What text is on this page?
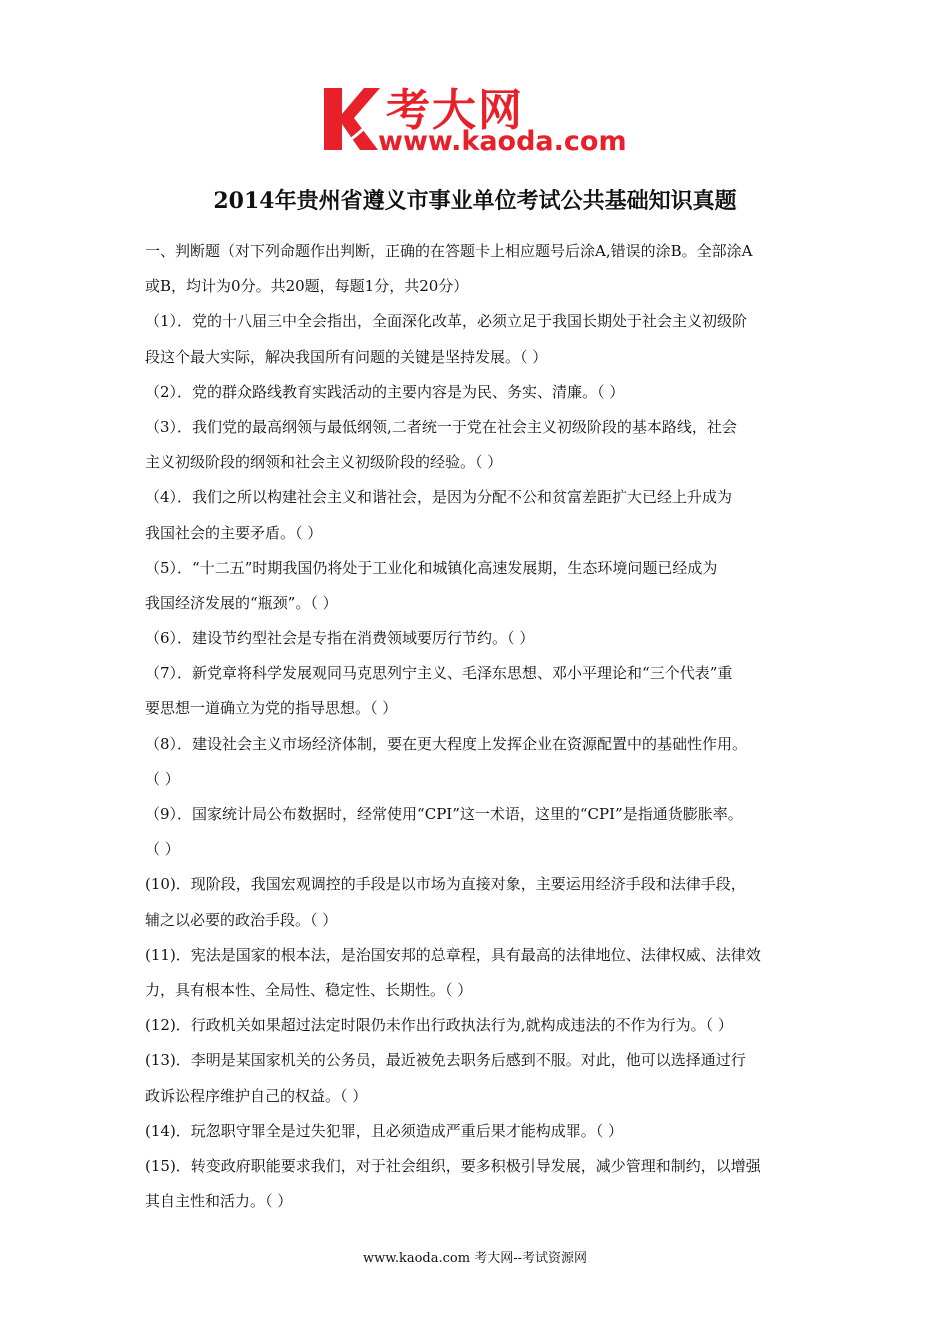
考大网
www.kaoda.com
2014年贵州省遵义市事业单位考试公共基础知识真题
一、判断题（对下列命题作出判断，正确的在答题卡上相应题号后涂A,错误的涂B。全部涂A
或B，均计为0分。共20题，每题1分，共20分）
（1）．党的十八届三中全会指出，全面深化改革，必须立足于我国长期处于社会主义初级阶
段这个最大实际，解决我国所有问题的关键是坚持发展。（ ）
（2）．党的群众路线教育实践活动的主要内容是为民、务实、清廉。（ ）
（3）．我们党的最高纲领与最低纲领,二者统一于党在社会主义初级阶段的基本路线，社会
主义初级阶段的纲领和社会主义初级阶段的经验。（ ）
（4）．我们之所以构建社会主义和谐社会，是因为分配不公和贫富差距扩大已经上升成为
我国社会的主要矛盾。（ ）
（5）．“十二五”时期我国仍将处于工业化和城镇化高速发展期，生态环境问题已经成为
我国经济发展的“瓶颈”。（ ）
（6）．建设节约型社会是专指在消费领域要厉行节约。（ ）
（7）．新党章将科学发展观同马克思列宁主义、毛泽东思想、邓小平理论和“三个代表”重
要思想一道确立为党的指导思想。（ ）
（8）．建设社会主义市场经济体制，要在更大程度上发挥企业在资源配置中的基础性作用。
（ ）
（9）．国家统计局公布数据时，经常使用“CPI”这一术语，这里的“CPI”是指通货膨胀率。
（ ）
(10)．现阶段，我国宏观调控的手段是以市场为直接对象，主要运用经济手段和法律手段，
辅之以必要的政治手段。（ ）
(11)．宪法是国家的根本法，是治国安邦的总章程，具有最高的法律地位、法律权威、法律效
力，具有根本性、全局性、稳定性、长期性。（ ）
(12)．行政机关如果超过法定时限仍未作出行政执法行为,就构成违法的不作为行为。（ ）
(13)．李明是某国家机关的公务员，最近被免去职务后感到不服。对此，他可以选择通过行
政诉讼程序维护自己的权益。（ ）
(14)．玩忽职守罪全是过失犯罪，且必须造成严重后果才能构成罪。（ ）
(15)．转变政府职能要求我们，对于社会组织，要多积极引导发展，减少管理和制约，以增强
其自主性和活力。（ ）
www.kaoda.com 考大网--考试资源网
